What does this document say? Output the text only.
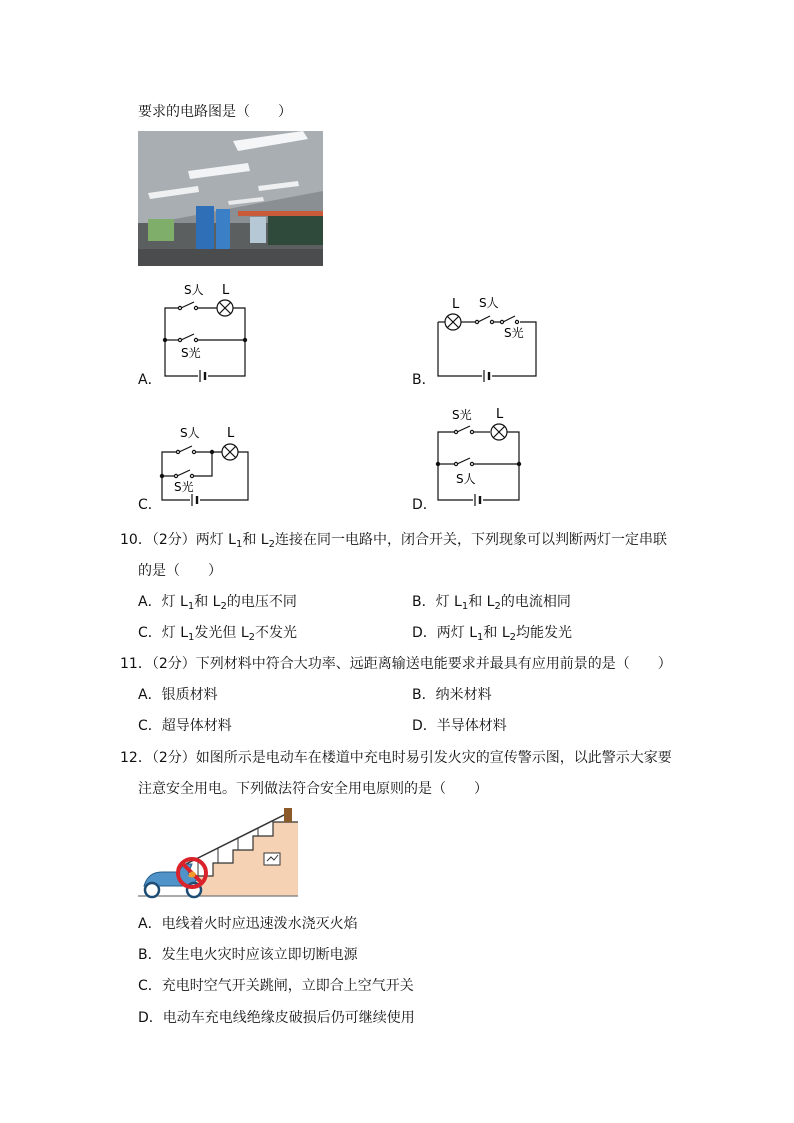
要求的电路图是（　　）
A．
S人 L
S光
B．
L S人
S光
C．
S人 L
S光
D．
S光 L
S人
10．（2分）两灯 $L_1$和 $L_2$连接在同一电路中，闭合开关，下列现象可以判断两灯一定串联
的是（　　）
A．灯 $L_1$和 $L_2$的电压不同	B．灯 $L_1$和 $L_2$的电流相同
C．灯 $L_1$发光但 $L_2$不发光	D．两灯 $L_1$和 $L_2$均能发光
11．（2分）下列材料中符合大功率、远距离输送电能要求并最具有应用前景的是（　　）
A．银质材料	B．纳米材料
C．超导体材料	D．半导体材料
12．（2分）如图所示是电动车在楼道中充电时易引发火灾的宣传警示图，以此警示大家要
注意安全用电。下列做法符合安全用电原则的是（　　）
A．电线着火时应迅速泼水浇灭火焰
B．发生电火灾时应该立即切断电源
C．充电时空气开关跳闸，立即合上空气开关
D．电动车充电线绝缘皮破损后仍可继续使用
